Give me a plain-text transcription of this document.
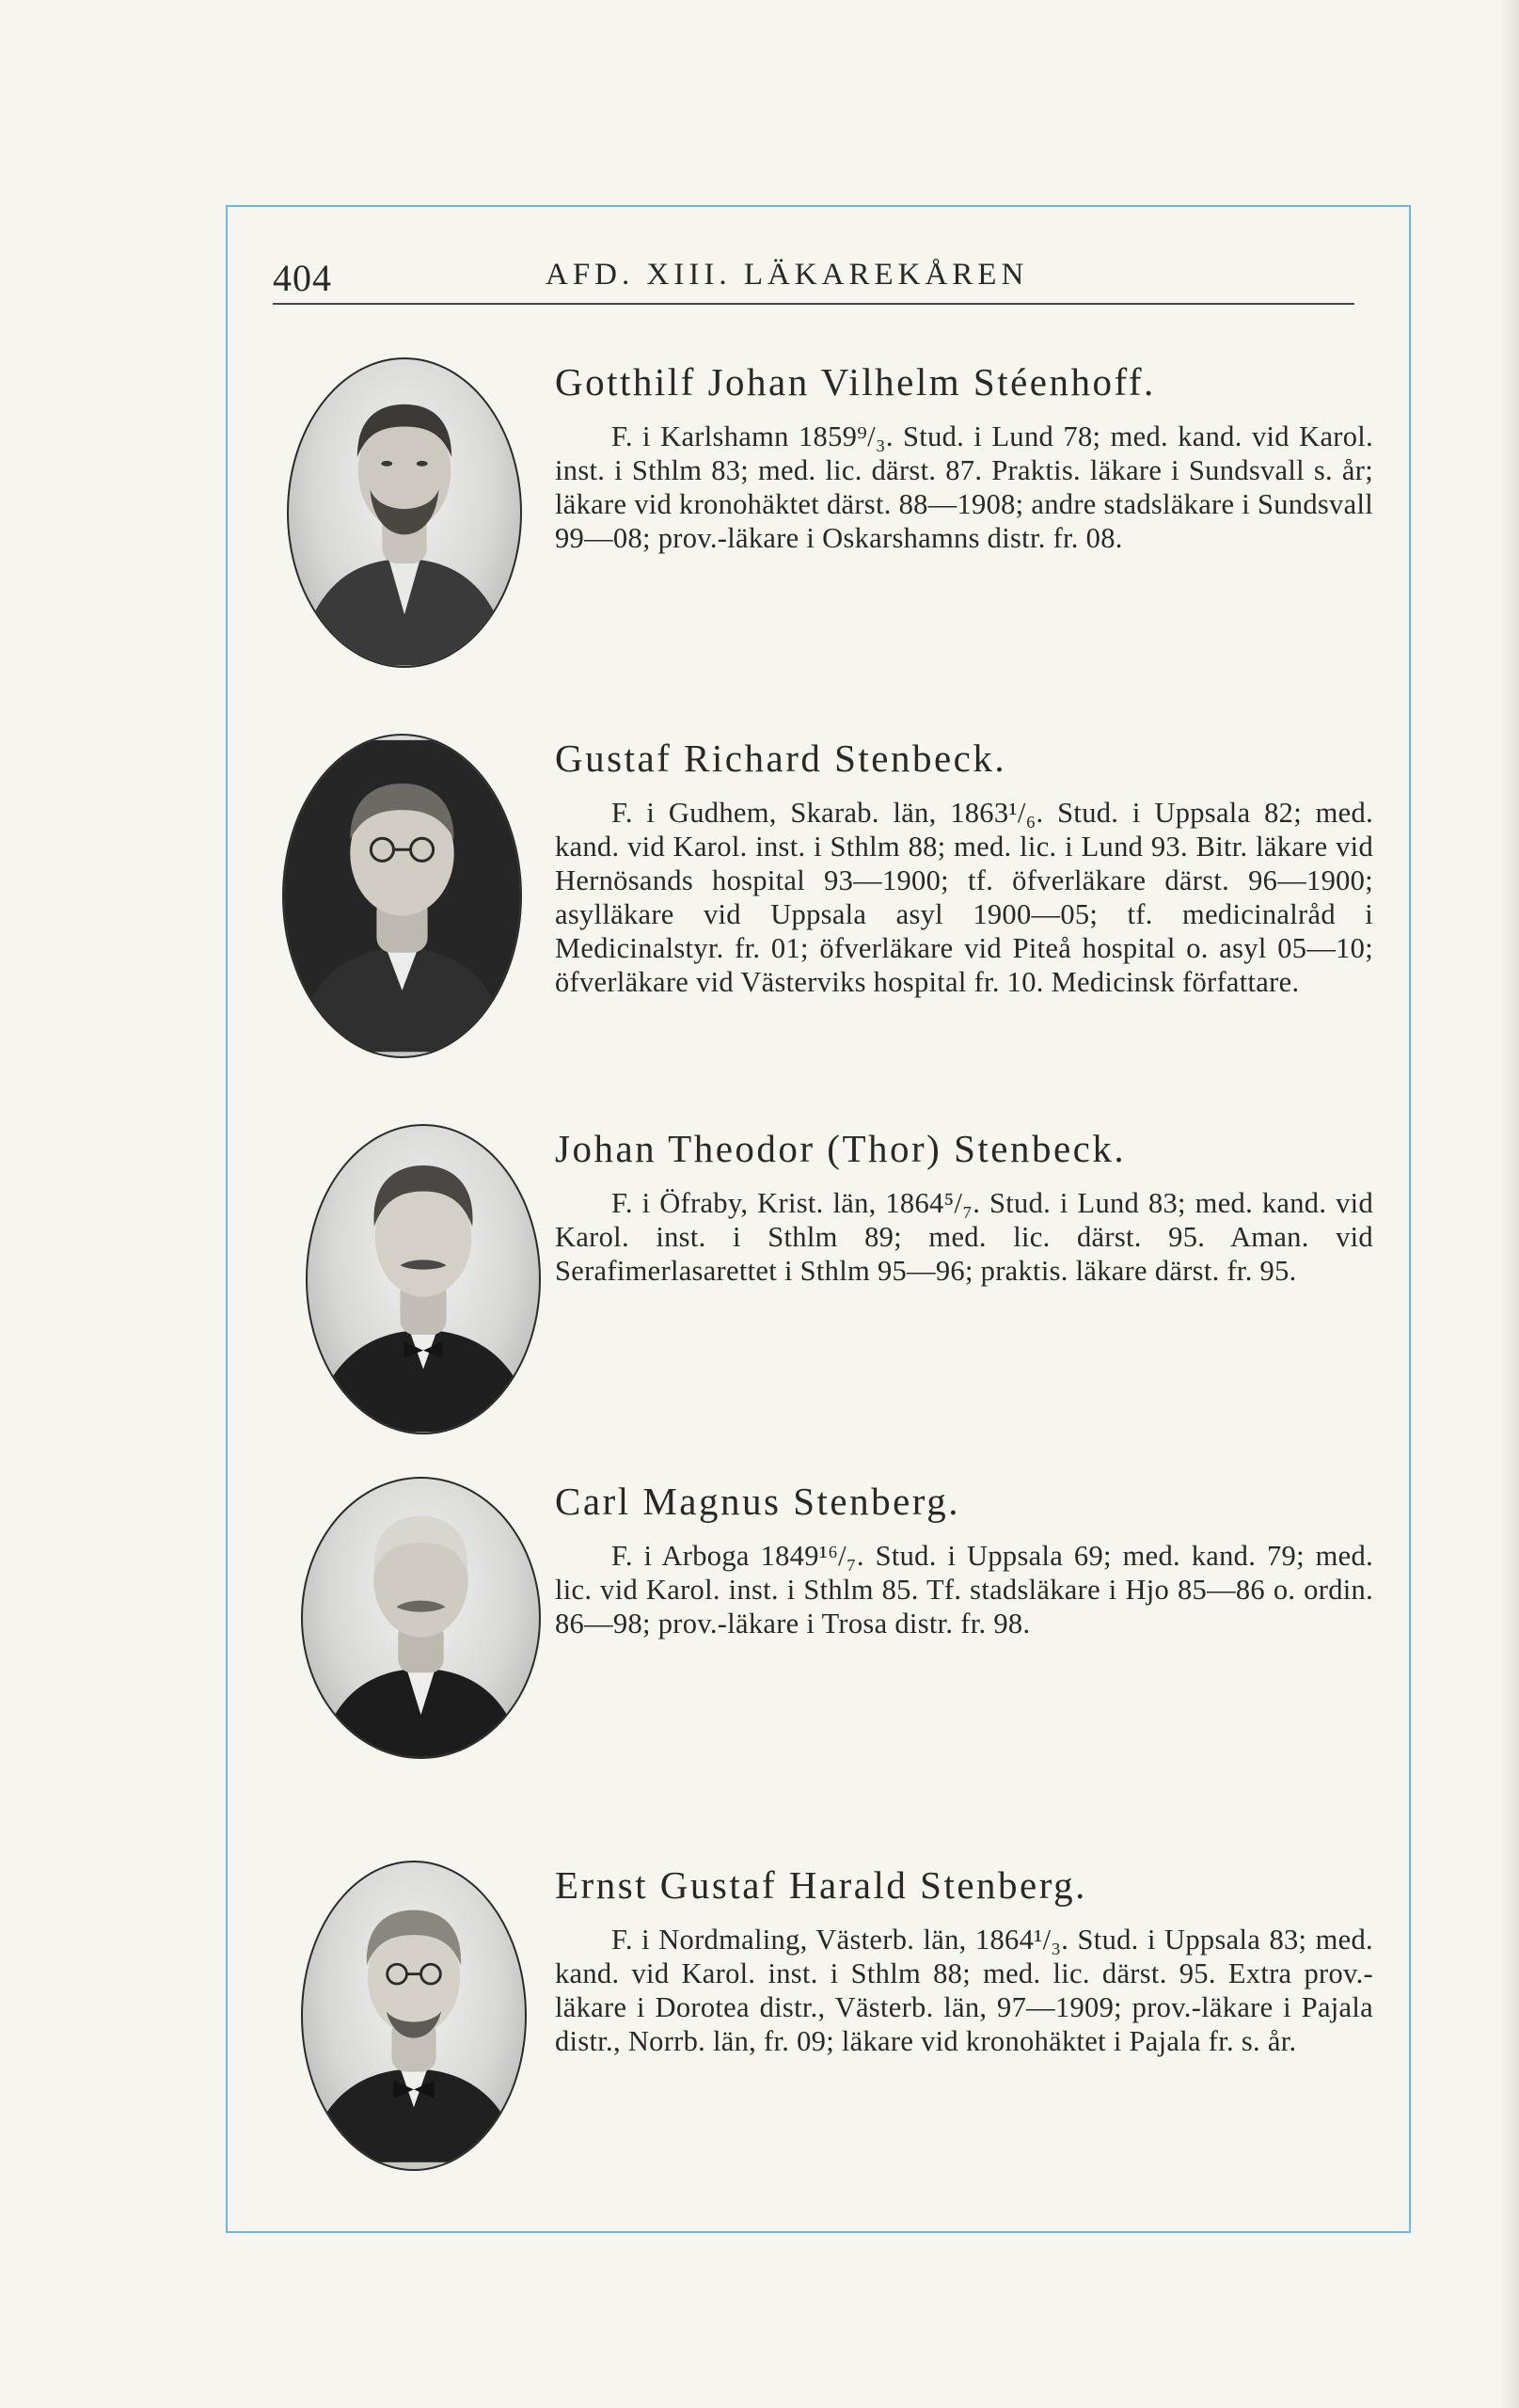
404	AFD. XIII. LÄKAREKÅREN
Gotthilf Johan Vilhelm Stéenhoff.

F. i Karlshamn 1859⁹/₃. Stud. i Lund 78; med. kand. vid Karol. inst. i Sthlm 83; med. lic. därst. 87. Praktis. läkare i Sundsvall s. år; läkare vid kronohäktet därst. 88—1908; andre stadsläkare i Sundsvall 99—08; prov.-läkare i Oskarshamns distr. fr. 08.

Gustaf Richard Stenbeck.

F. i Gudhem, Skarab. län, 1863¹/₆. Stud. i Uppsala 82; med. kand. vid Karol. inst. i Sthlm 88; med. lic. i Lund 93. Bitr. läkare vid Hernösands hospital 93—1900; tf. öfverläkare därst. 96—1900; asylläkare vid Uppsala asyl 1900—05; tf. medicinalråd i Medicinalstyr. fr. 01; öfverläkare vid Piteå hospital o. asyl 05—10; öfverläkare vid Västerviks hospital fr. 10. Medicinsk författare.

Johan Theodor (Thor) Stenbeck.

F. i Öfraby, Krist. län, 1864⁵/₇. Stud. i Lund 83; med. kand. vid Karol. inst. i Sthlm 89; med. lic. därst. 95. Aman. vid Serafimerlasarettet i Sthlm 95—96; praktis. läkare därst. fr. 95.

Carl Magnus Stenberg.

F. i Arboga 1849¹⁶/₇. Stud. i Uppsala 69; med. kand. 79; med. lic. vid Karol. inst. i Sthlm 85. Tf. stadsläkare i Hjo 85—86 o. ordin. 86—98; prov.-läkare i Trosa distr. fr. 98.

Ernst Gustaf Harald Stenberg.

F. i Nordmaling, Västerb. län, 1864¹/₃. Stud. i Uppsala 83; med. kand. vid Karol. inst. i Sthlm 88; med. lic. därst. 95. Extra prov.-läkare i Dorotea distr., Västerb. län, 97—1909; prov.-läkare i Pajala distr., Norrb. län, fr. 09; läkare vid kronohäktet i Pajala fr. s. år.
